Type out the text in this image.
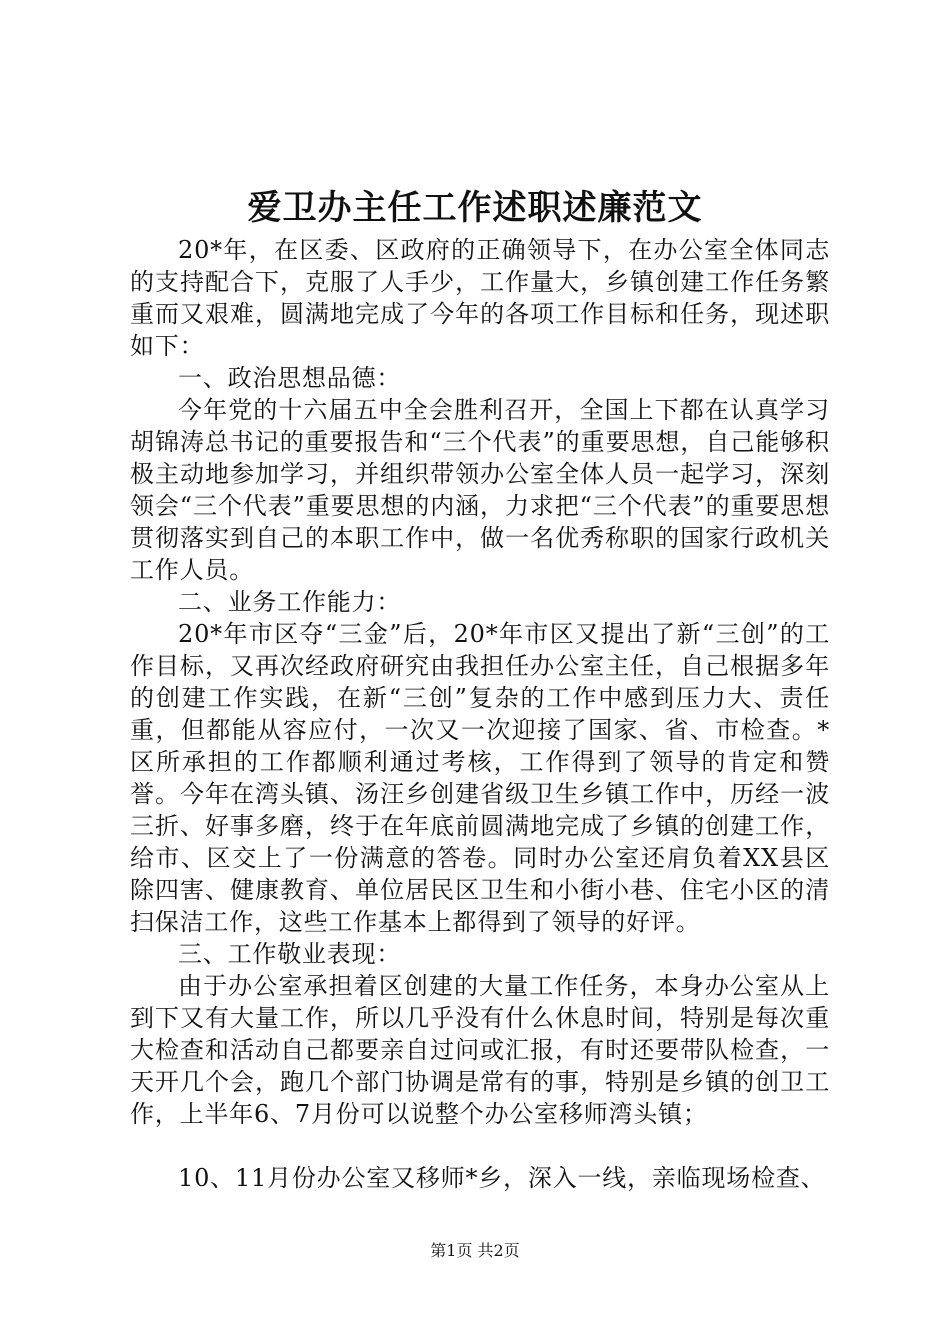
爱卫办主任工作述职述廉范文

20*年，在区委、区政府的正确领导下，在办公室全体同志的支持配合下，克服了人手少，工作量大，乡镇创建工作任务繁重而又艰难，圆满地完成了今年的各项工作目标和任务，现述职如下：

一、政治思想品德：

今年党的十六届五中全会胜利召开，全国上下都在认真学习胡锦涛总书记的重要报告和“三个代表”的重要思想，自己能够积极主动地参加学习，并组织带领办公室全体人员一起学习，深刻领会“三个代表”重要思想的内涵，力求把“三个代表”的重要思想贯彻落实到自己的本职工作中，做一名优秀称职的国家行政机关工作人员。

二、业务工作能力：

20*年市区夺“三金”后，20*年市区又提出了新“三创”的工作目标，又再次经政府研究由我担任办公室主任，自己根据多年的创建工作实践，在新“三创”复杂的工作中感到压力大、责任重，但都能从容应付，一次又一次迎接了国家、省、市检查。*区所承担的工作都顺利通过考核，工作得到了领导的肯定和赞誉。今年在湾头镇、汤汪乡创建省级卫生乡镇工作中，历经一波三折、好事多磨，终于在年底前圆满地完成了乡镇的创建工作，给市、区交上了一份满意的答卷。同时办公室还肩负着XX县区除四害、健康教育、单位居民区卫生和小街小巷、住宅小区的清扫保洁工作，这些工作基本上都得到了领导的好评。

三、工作敬业表现：

由于办公室承担着区创建的大量工作任务，本身办公室从上到下又有大量工作，所以几乎没有什么休息时间，特别是每次重大检查和活动自己都要亲自过问或汇报，有时还要带队检查，一天开几个会，跑几个部门协调是常有的事，特别是乡镇的创卫工作，上半年6、7月份可以说整个办公室移师湾头镇；

10、11月份办公室又移师*乡，深入一线，亲临现场检查、

第1页 共2页
